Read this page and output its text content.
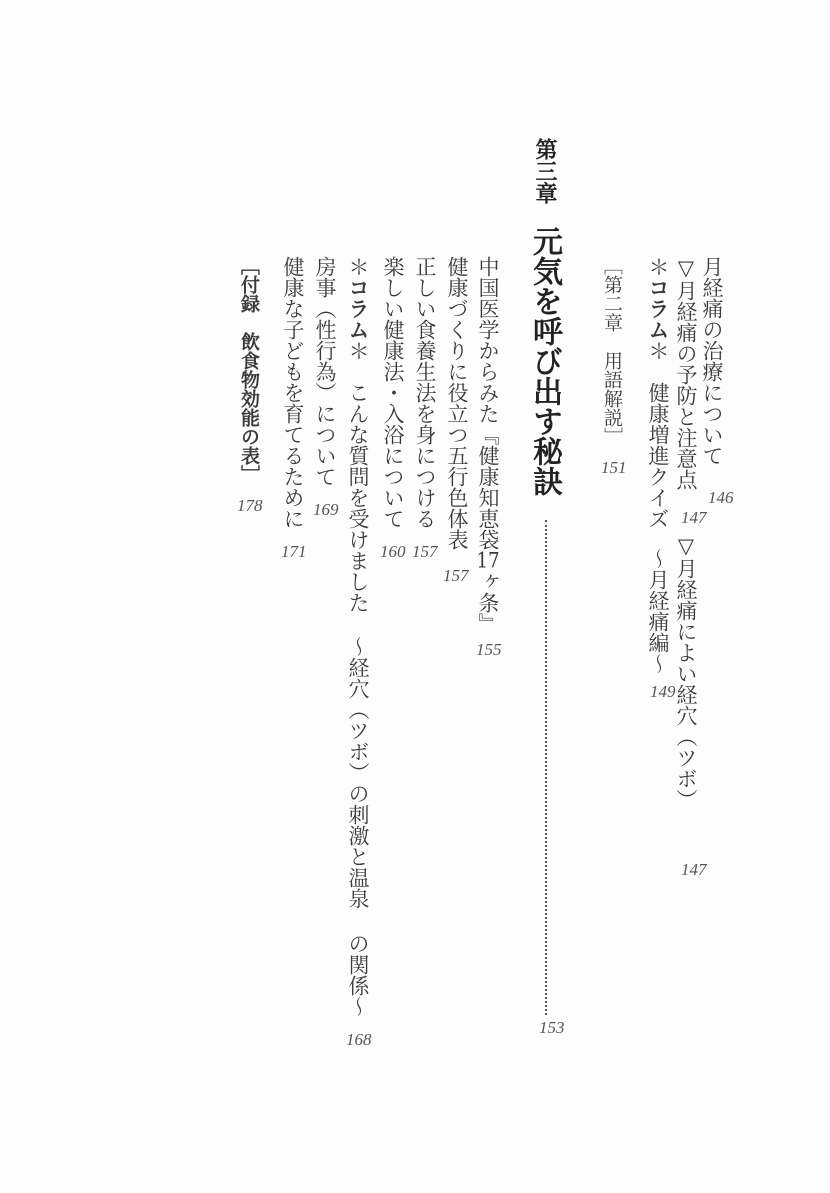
月経痛の治療について
146
▽月経痛の予防と注意点
147
▽月経痛によい経穴（ツボ）
147
＊コラム＊　健康増進クイズ
～月経痛編～
149
［第二章　用語解説］
151
第三章
元気を呼び出す秘訣
153
中国医学からみた『健康知恵袋17ヶ条』
155
健康づくりに役立つ五行色体表
157
正しい食養生法を身につける
157
楽しい健康法・入浴について
160
＊コラム＊　こんな質問を受けました
～経穴（ツボ）の刺激と温泉 の関係～
168
房事（性行為）について
169
健康な子どもを育てるために
171
［付録　飲食物効能の表］
178
